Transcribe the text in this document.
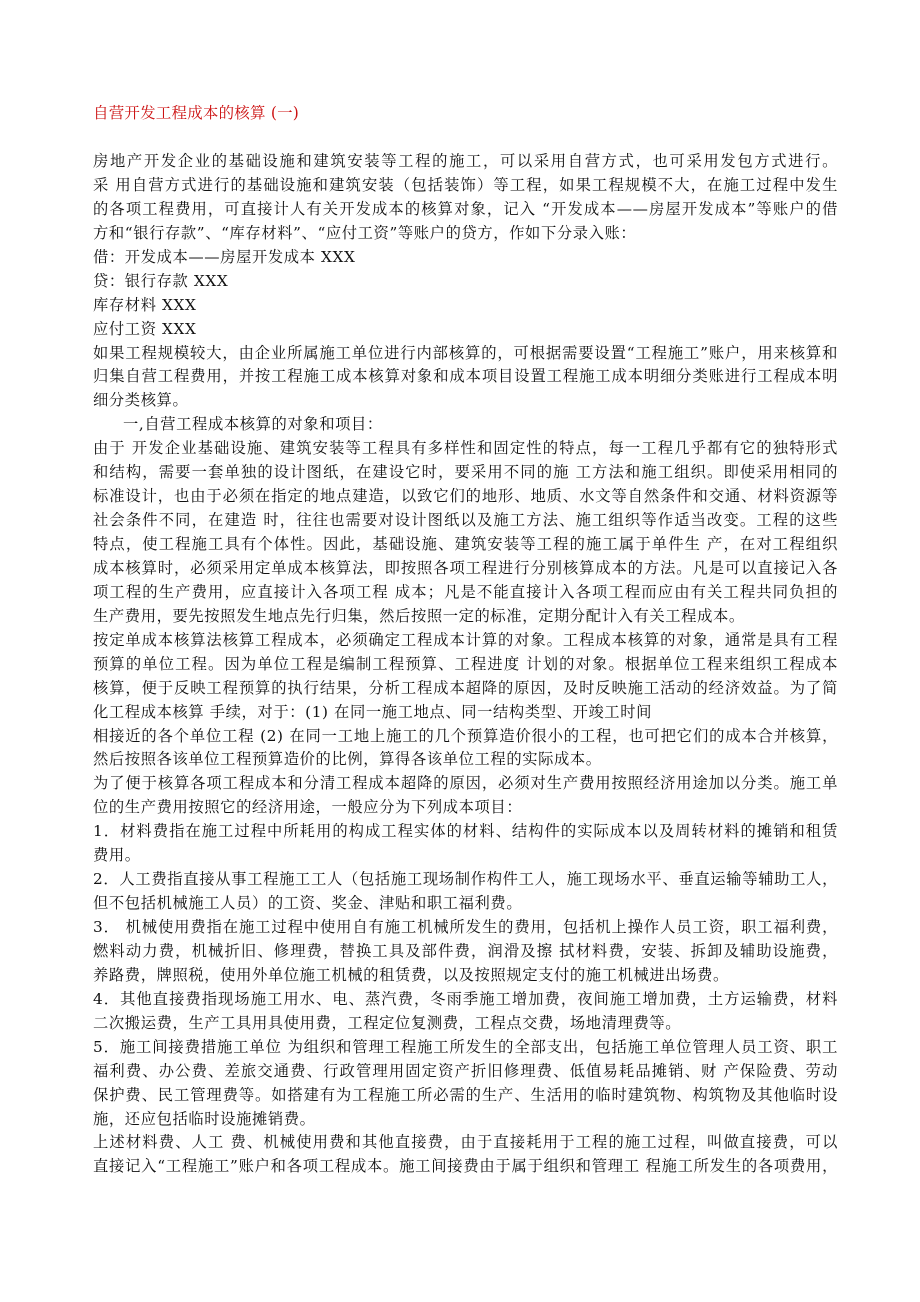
自营开发工程成本的核算 (一)
房地产开发企业的基础设施和建筑安装等工程的施工，可以采用自营方式，也可采用发包方式进行。
采 用自营方式进行的基础设施和建筑安装（包括装饰）等工程，如果工程规模不大，在施工过程中发生
的各项工程费用，可直接计人有关开发成本的核算对象，记入 “开发成本——房屋开发成本”等账户的借
方和“银行存款”、“库存材料”、“应付工资”等账户的贷方，作如下分录入账：
借：开发成本——房屋开发成本 XXX
贷：银行存款 XXX
库存材料 XXX
应付工资 XXX
如果工程规模较大，由企业所属施工单位进行内部核算的，可根据需要设置“工程施工”账户，用来核算和
归集自营工程费用，并按工程施工成本核算对象和成本项目设置工程施工成本明细分类账进行工程成本明
细分类核算。
一,自营工程成本核算的对象和项目：
由于 开发企业基础设施、建筑安装等工程具有多样性和固定性的特点，每一工程几乎都有它的独特形式
和结构，需要一套单独的设计图纸，在建设它时，要采用不同的施 工方法和施工组织。即使采用相同的
标准设计，也由于必须在指定的地点建造，以致它们的地形、地质、水文等自然条件和交通、材料资源等
社会条件不同，在建造 时，往往也需要对设计图纸以及施工方法、施工组织等作适当改变。工程的这些
特点，使工程施工具有个体性。因此，基础设施、建筑安装等工程的施工属于单件生 产，在对工程组织
成本核算时，必须采用定单成本核算法，即按照各项工程进行分别核算成本的方法。凡是可以直接记入各
项工程的生产费用，应直接计入各项工程 成本；凡是不能直接计入各项工程而应由有关工程共同负担的
生产费用，要先按照发生地点先行归集，然后按照一定的标准，定期分配计入有关工程成本。
按定单成本核算法核算工程成本，必须确定工程成本计算的对象。工程成本核算的对象，通常是具有工程
预算的单位工程。因为单位工程是编制工程预算、工程进度 计划的对象。根据单位工程来组织工程成本
核算，便于反映工程预算的执行结果，分析工程成本超降的原因，及时反映施工活动的经济效益。为了简
化工程成本核算 手续，对于：(1) 在同一施工地点、同一结构类型、开竣工时间
相接近的各个单位工程 (2) 在同一工地上施工的几个预算造价很小的工程，也可把它们的成本合并核算，
然后按照各该单位工程预算造价的比例，算得各该单位工程的实际成本。
为了便于核算各项工程成本和分清工程成本超降的原因，必须对生产费用按照经济用途加以分类。施工单
位的生产费用按照它的经济用途，一般应分为下列成本项目：
1．材料费指在施工过程中所耗用的构成工程实体的材料、结构件的实际成本以及周转材料的摊销和租赁
费用。
2．人工费指直接从事工程施工工人（包括施工现场制作构件工人，施工现场水平、垂直运输等辅助工人，
但不包括机械施工人员）的工资、奖金、津贴和职工福利费。
3． 机械使用费指在施工过程中使用自有施工机械所发生的费用，包括机上操作人员工资，职工福利费，
燃料动力费，机械折旧、修理费，替换工具及部件费，润滑及擦 拭材料费，安装、拆卸及辅助设施费，
养路费，牌照税，使用外单位施工机械的租赁费，以及按照规定支付的施工机械进出场费。
4．其他直接费指现场施工用水、电、蒸汽费，冬雨季施工增加费，夜间施工增加费，土方运输费，材料
二次搬运费，生产工具用具使用费，工程定位复测费，工程点交费，场地清理费等。
5．施工间接费措施工单位 为组织和管理工程施工所发生的全部支出，包括施工单位管理人员工资、职工
福利费、办公费、差旅交通费、行政管理用固定资产折旧修理费、低值易耗品摊销、财 产保险费、劳动
保护费、民工管理费等。如搭建有为工程施工所必需的生产、生活用的临时建筑物、构筑物及其他临时设
施，还应包括临时设施摊销费。
上述材料费、人工 费、机械使用费和其他直接费，由于直接耗用于工程的施工过程，叫做直接费，可以
直接记入“工程施工”账户和各项工程成本。施工间接费由于属于组织和管理工 程施工所发生的各项费用，
